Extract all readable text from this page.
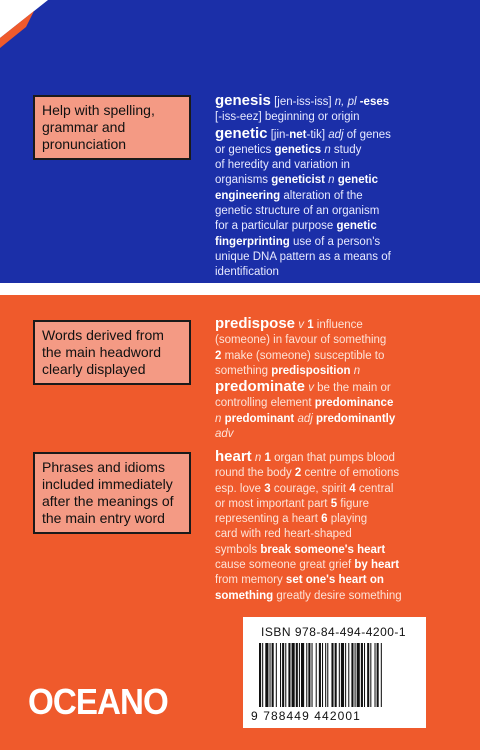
Help with spelling,
grammar and
pronunciation
Words derived from
the main headword
clearly displayed
Phrases and idioms
included immediately
after the meanings of
the main entry word
genesis [jen-iss-iss] n, pl -eses
[-iss-eez] beginning or origin
genetic [jin-net-tik] adj of genes
or genetics genetics n study
of heredity and variation in
organisms geneticist n genetic
engineering alteration of the
genetic structure of an organism
for a particular purpose genetic
fingerprinting use of a person's
unique DNA pattern as a means of
identification
predispose v 1 influence
(someone) in favour of something
2 make (someone) susceptible to
something predisposition n
predominate v be the main or
controlling element predominance
n predominant adj predominantly
adv
heart n 1 organ that pumps blood
round the body 2 centre of emotions
esp. love 3 courage, spirit 4 central
or most important part 5 figure
representing a heart 6 playing
card with red heart-shaped
symbols break someone's heart
cause someone great grief by heart
from memory set one's heart on
something greatly desire something
ISBN 978-84-494-4200-1
9 788449 442001
OCEANO
